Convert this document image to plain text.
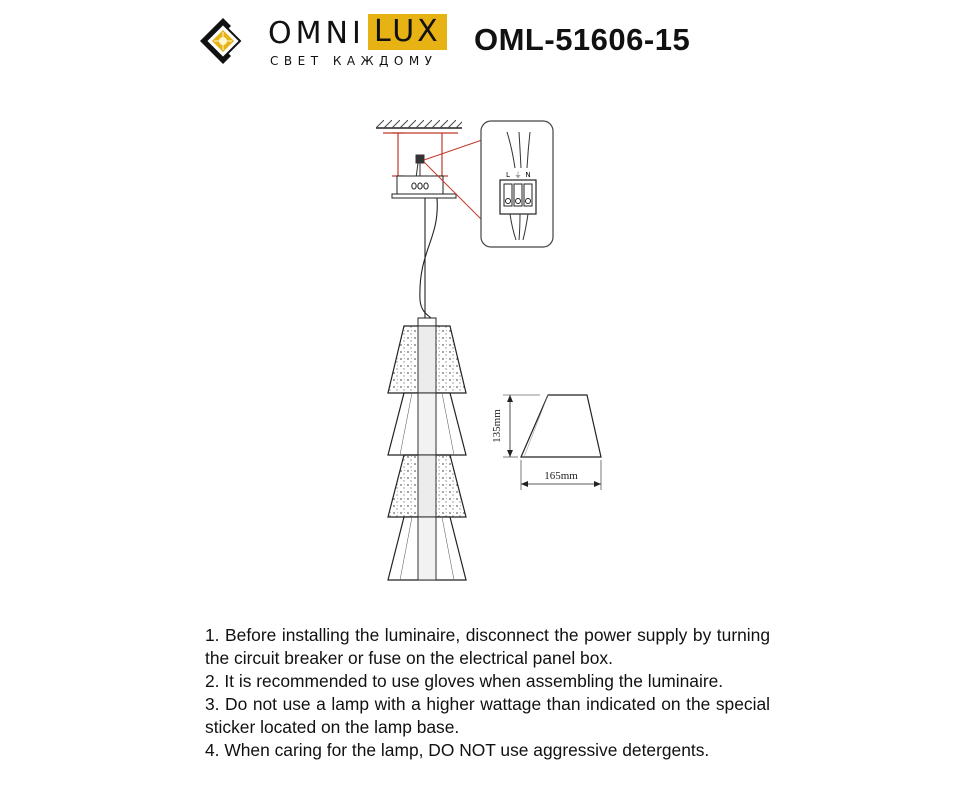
OMNI LUX
СВЕТ КАЖДОМУ
OML-51606-15
L ⏚ N
135mm
165mm

1. Before installing the luminaire, disconnect the power supply by turning the circuit breaker or fuse on the electrical panel box.

2. It is recommended to use gloves when assembling the luminaire.

3. Do not use a lamp with a higher wattage than indicated on the special sticker located on the lamp base.

4. When caring for the lamp, DO NOT use aggressive detergents.
